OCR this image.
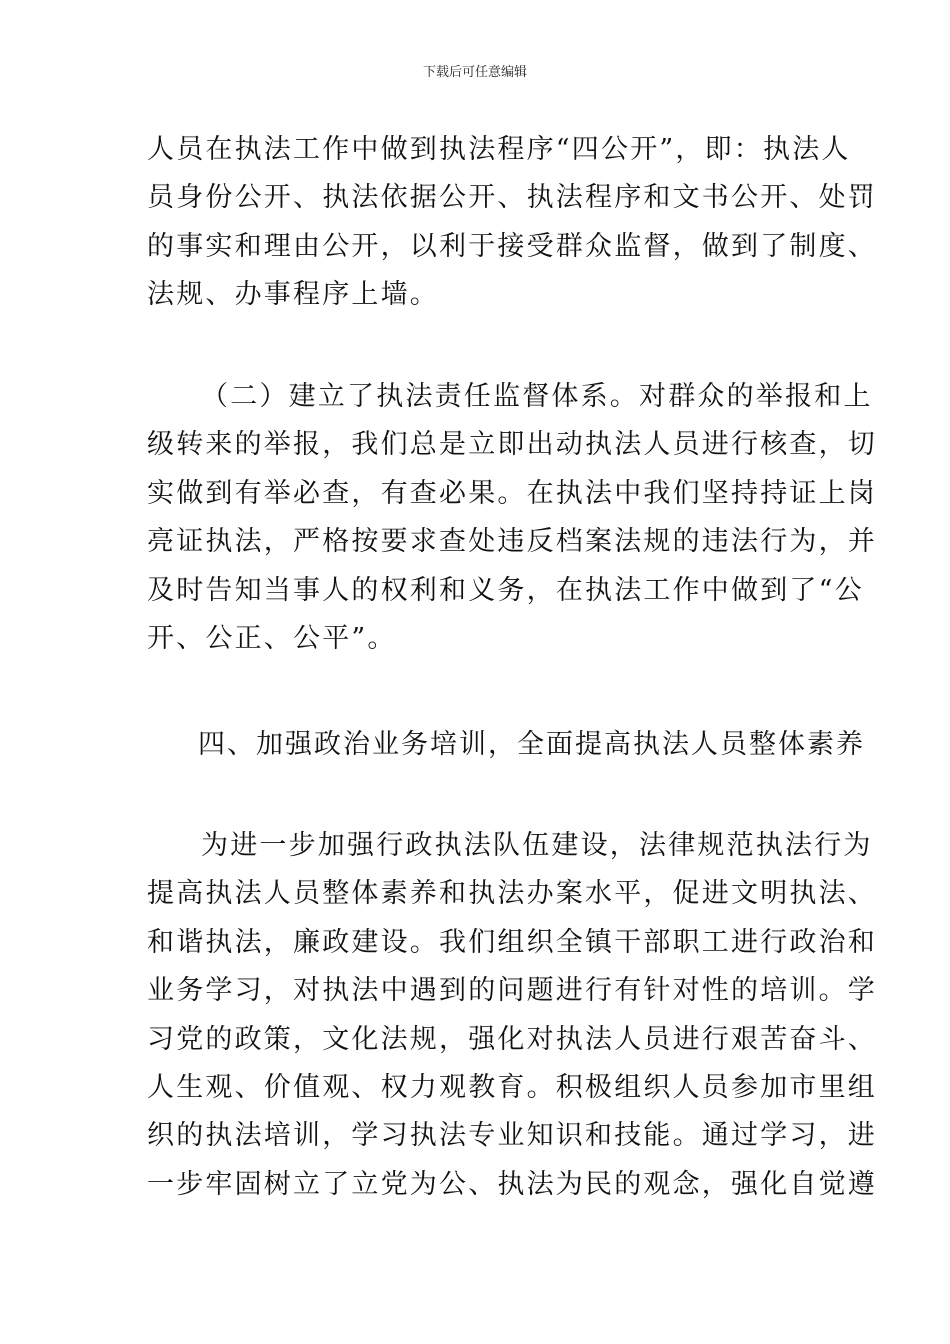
下载后可任意编辑

人员在执法工作中做到执法程序“四公开”，即：执法人
员身份公开、执法依据公开、执法程序和文书公开、处罚
的事实和理由公开，以利于接受群众监督，做到了制度、
法规、办事程序上墙。

（二）建立了执法责任监督体系。对群众的举报和上
级转来的举报，我们总是立即出动执法人员进行核查，切
实做到有举必查，有查必果。在执法中我们坚持持证上岗
亮证执法，严格按要求查处违反档案法规的违法行为，并
及时告知当事人的权利和义务，在执法工作中做到了“公
开、公正、公平”。

四、加强政治业务培训，全面提高执法人员整体素养

为进一步加强行政执法队伍建设，法律规范执法行为
提高执法人员整体素养和执法办案水平，促进文明执法、
和谐执法，廉政建设。我们组织全镇干部职工进行政治和
业务学习，对执法中遇到的问题进行有针对性的培训。学
习党的政策，文化法规，强化对执法人员进行艰苦奋斗、
人生观、价值观、权力观教育。积极组织人员参加市里组
织的执法培训，学习执法专业知识和技能。通过学习，进
一步牢固树立了立党为公、执法为民的观念，强化自觉遵
